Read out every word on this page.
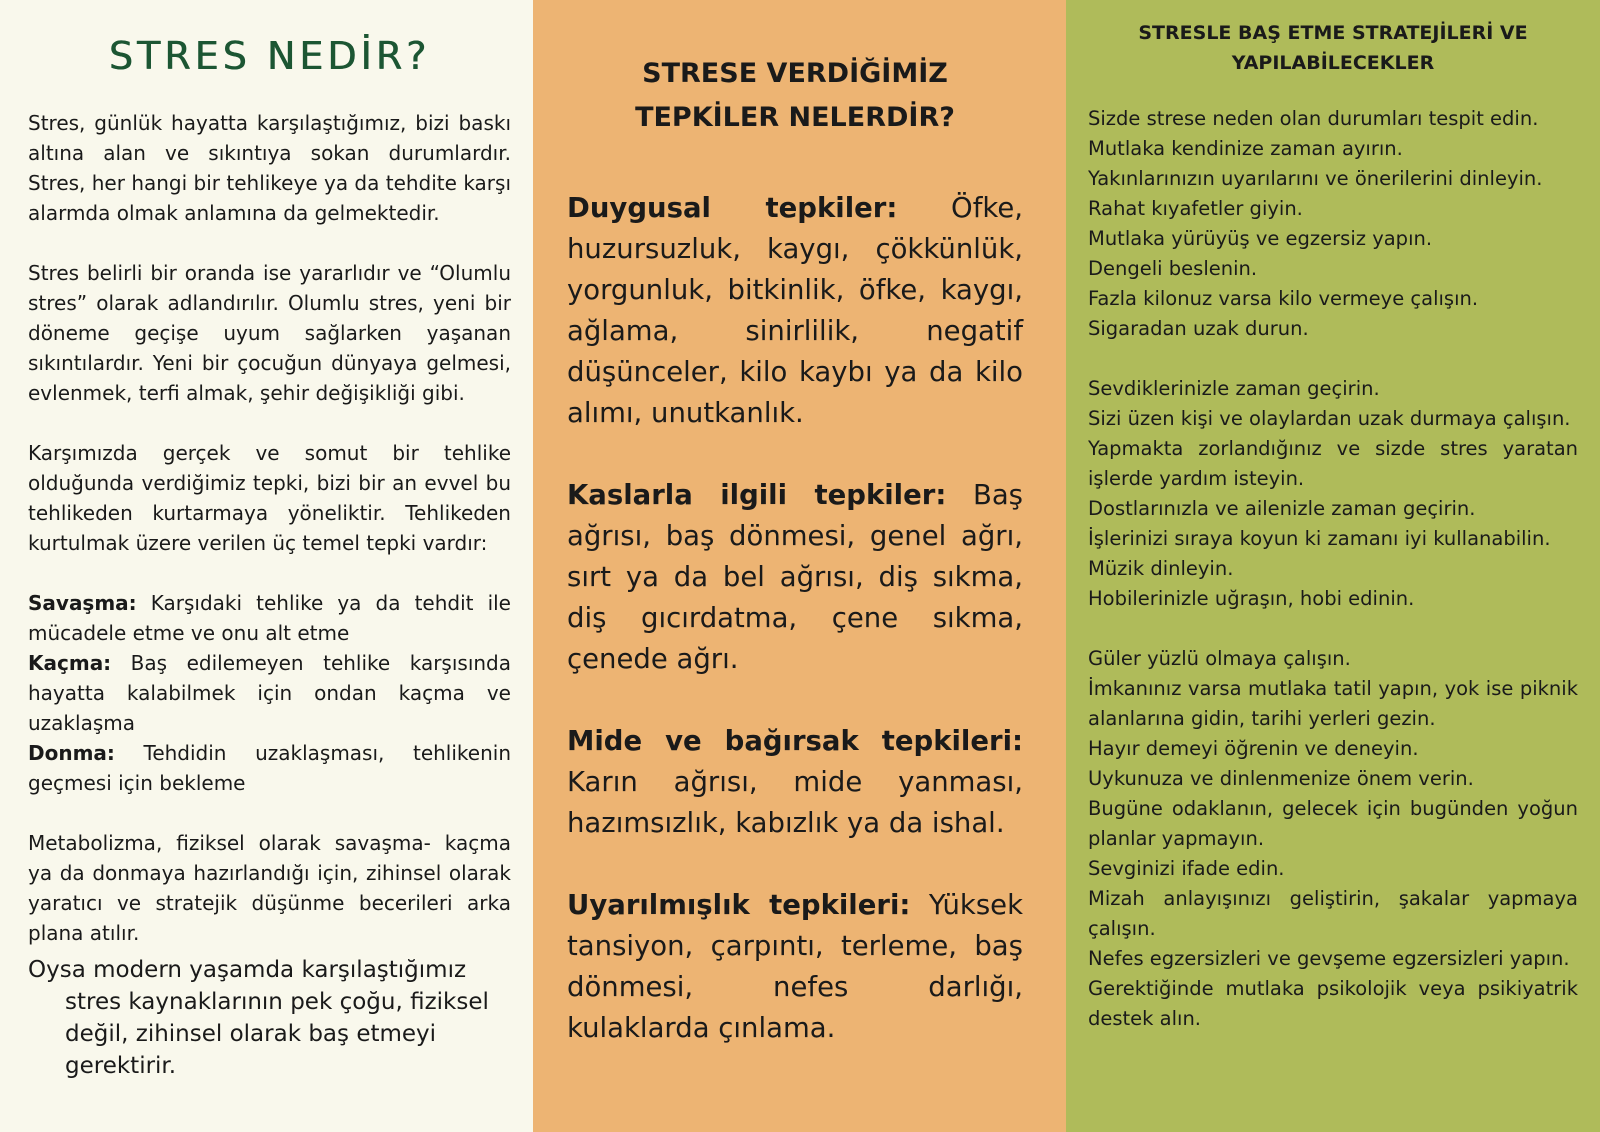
STRES NEDİR?

Stres, günlük hayatta karşılaştığımız, bizi baskı altına alan ve sıkıntıya sokan durumlardır. Stres, her hangi bir tehlikeye ya da tehdite karşı alarmda olmak anlamına da gelmektedir.

Stres belirli bir oranda ise yararlıdır ve “Olumlu stres” olarak adlandırılır. Olumlu stres, yeni bir döneme geçişe uyum sağlarken yaşanan sıkıntılardır. Yeni bir çocuğun dünyaya gelmesi, evlenmek, terfi almak, şehir değişikliği gibi.

Karşımızda gerçek ve somut bir tehlike olduğunda verdiğimiz tepki, bizi bir an evvel bu tehlikeden kurtarmaya yöneliktir. Tehlikeden kurtulmak üzere verilen üç temel tepki vardır:

Savaşma: Karşıdaki tehlike ya da tehdit ile mücadele etme ve onu alt etme
Kaçma: Baş edilemeyen tehlike karşısında hayatta kalabilmek için ondan kaçma ve uzaklaşma
Donma: Tehdidin uzaklaşması, tehlikenin geçmesi için bekleme

Metabolizma, fiziksel olarak savaşma- kaçma ya da donmaya hazırlandığı için, zihinsel olarak yaratıcı ve stratejik düşünme becerileri arka plana atılır.

Oysa modern yaşamda karşılaştığımız stres kaynaklarının pek çoğu, fiziksel değil, zihinsel olarak baş etmeyi gerektirir.
STRESE VERDİĞİMİZ TEPKİLER NELERDİR?
Duygusal tepkiler: Öfke, huzursuzluk, kaygı, çökkünlük, yorgunluk, bitkinlik, öfke, kaygı, ağlama, sinirlilik, negatif düşünceler, kilo kaybı ya da kilo alımı, unutkanlık.
Kaslarla ilgili tepkiler: Baş ağrısı, baş dönmesi, genel ağrı, sırt ya da bel ağrısı, diş sıkma, diş gıcırdatma, çene sıkma, çenede ağrı.
Mide ve bağırsak tepkileri: Karın ağrısı, mide yanması, hazımsızlık, kabızlık ya da ishal.
Uyarılmışlık tepkileri: Yüksek tansiyon, çarpıntı, terleme, baş dönmesi, nefes darlığı, kulaklarda çınlama.
STRESLE BAŞ ETME STRATEJİLERİ VE YAPILABİLECEKLER
Sizde strese neden olan durumları tespit edin.
Mutlaka kendinize zaman ayırın.
Yakınlarınızın uyarılarını ve önerilerini dinleyin.
Rahat kıyafetler giyin.
Mutlaka yürüyüş ve egzersiz yapın.
Dengeli beslenin.
Fazla kilonuz varsa kilo vermeye çalışın.
Sigaradan uzak durun.
Sevdiklerinizle zaman geçirin.
Sizi üzen kişi ve olaylardan uzak durmaya çalışın.
Yapmakta zorlandığınız ve sizde stres yaratan işlerde yardım isteyin.
Dostlarınızla ve ailenizle zaman geçirin.
İşlerinizi sıraya koyun ki zamanı iyi kullanabilin.
Müzik dinleyin.
Hobilerinizle uğraşın, hobi edinin.
Güler yüzlü olmaya çalışın.
İmkanınız varsa mutlaka tatil yapın, yok ise piknik alanlarına gidin, tarihi yerleri gezin.
Hayır demeyi öğrenin ve deneyin.
Uykunuza ve dinlenmenize önem verin.
Bugüne odaklanın, gelecek için bugünden yoğun planlar yapmayın.
Sevginizi ifade edin.
Mizah anlayışınızı geliştirin, şakalar yapmaya çalışın.
Nefes egzersizleri ve gevşeme egzersizleri yapın.
Gerektiğinde mutlaka psikolojik veya psikiyatrik destek alın.
